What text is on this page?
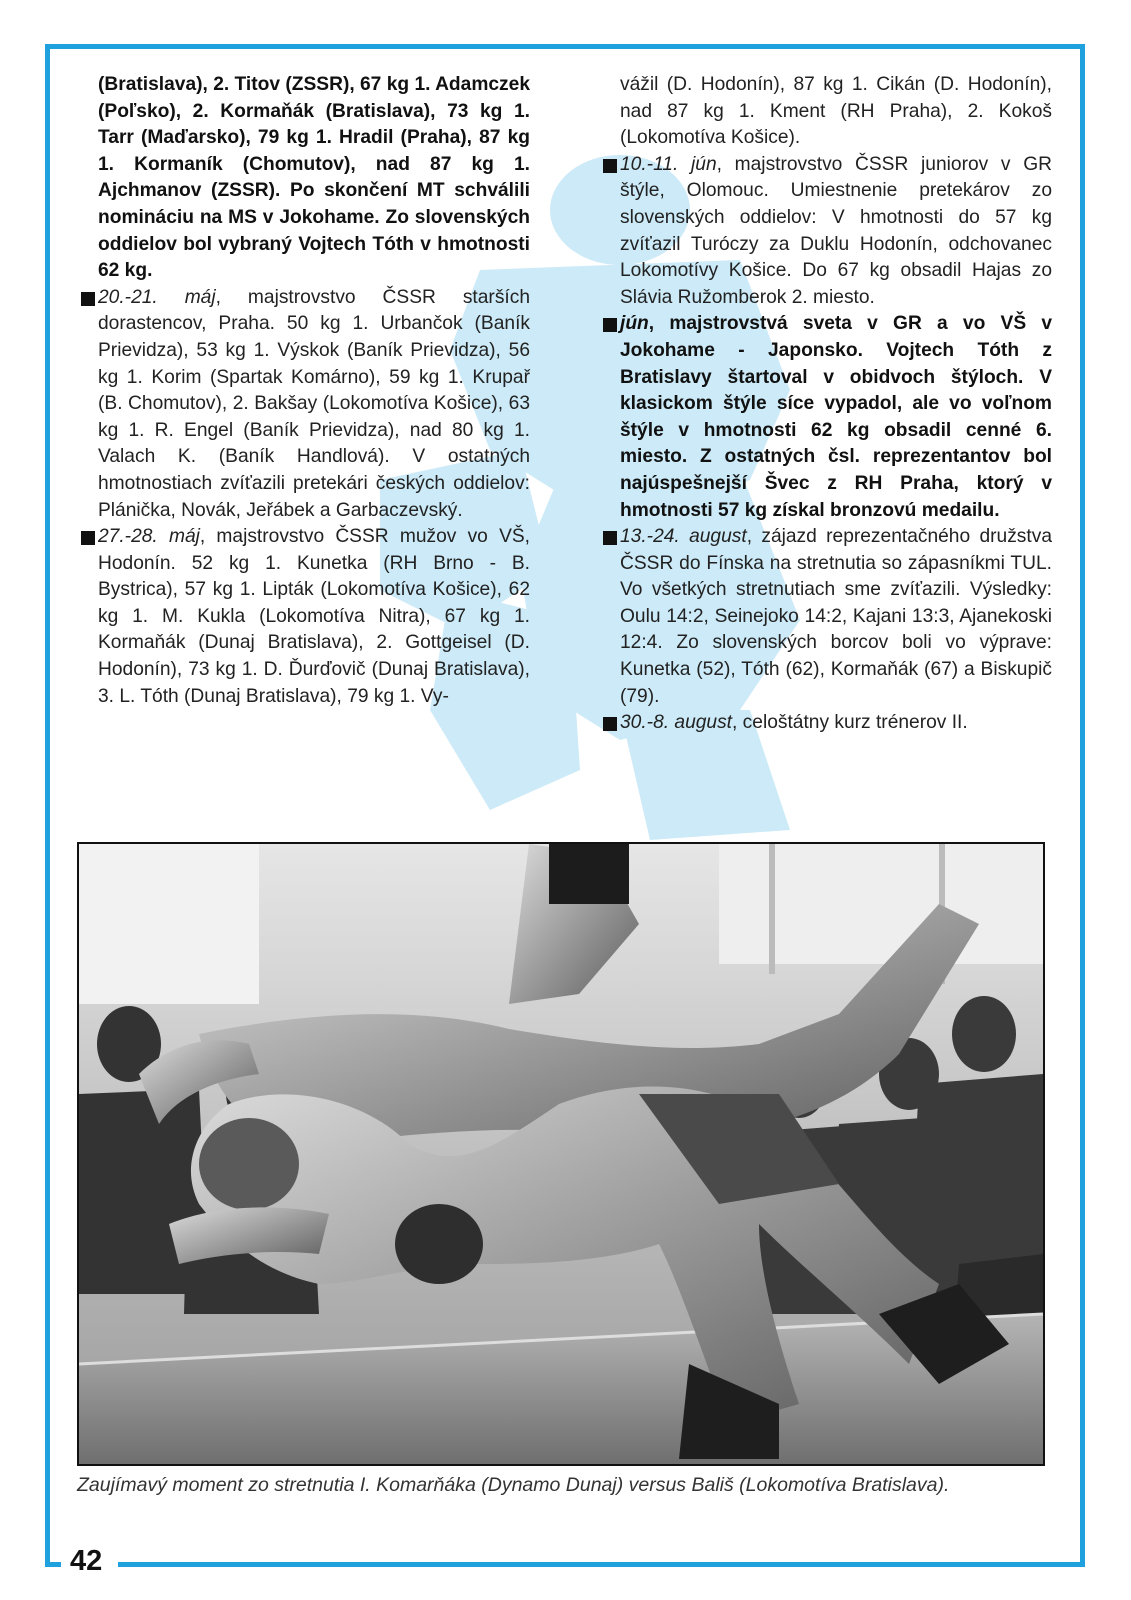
42
(Bratislava), 2. Titov (ZSSR), 67 kg 1. Adamczek (Poľsko), 2. Kormaňák (Bratislava), 73 kg 1. Tarr (Maďarsko), 79 kg 1. Hradil (Praha), 87 kg 1. Kormaník (Chomutov), nad 87 kg 1. Ajchmanov (ZSSR). Po skončení MT schválili nomináciu na MS v Jokohame. Zo slovenských oddielov bol vybraný Vojtech Tóth v hmotnosti 62 kg.
20.-21. máj, majstrovstvo ČSSR starších dorastencov, Praha. 50 kg 1. Urbančok (Baník Prievidza), 53 kg 1. Výskok (Baník Prievidza), 56 kg 1. Korim (Spartak Komárno), 59 kg 1. Krupař (B. Chomutov), 2. Bakšay (Lokomotíva Košice), 63 kg 1. R. Engel (Baník Prievidza), nad 80 kg 1. Valach K. (Baník Handlová). V ostatných hmotnostiach zvíťazili pretekári českých oddielov: Plánička, Novák, Jeřábek a Garbaczevský.
27.-28. máj, majstrovstvo ČSSR mužov vo VŠ, Hodonín. 52 kg 1. Kunetka (RH Brno - B. Bystrica), 57 kg 1. Lipták (Lokomotíva Košice), 62 kg 1. M. Kukla (Lokomotíva Nitra), 67 kg 1. Kormaňák (Dunaj Bratislava), 2. Gottgeisel (D. Hodonín), 73 kg 1. D. Ďurďovič (Dunaj Bratislava), 3. L. Tóth (Dunaj Bratislava), 79 kg 1. Vy-
vážil (D. Hodonín), 87 kg 1. Cikán (D. Hodonín), nad 87 kg 1. Kment (RH Praha), 2. Kokoš (Lokomotíva Košice).
10.-11. jún, majstrovstvo ČSSR juniorov v GR štýle, Olomouc. Umiestnenie pretekárov zo slovenských oddielov: V hmotnosti do 57 kg zvíťazil Turóczy za Duklu Hodonín, odchovanec Lokomotívy Košice. Do 67 kg obsadil Hajas zo Slávia Ružomberok 2. miesto.
jún, majstrovstvá sveta v GR a vo VŠ v Jokohame - Japonsko. Vojtech Tóth z Bratislavy štartoval v obidvoch štýloch. V klasickom štýle síce vypadol, ale vo voľnom štýle v hmotnosti 62 kg obsadil cenné 6. miesto. Z ostatných čsl. reprezentantov bol najúspešnejší Švec z RH Praha, ktorý v hmotnosti 57 kg získal bronzovú medailu.
13.-24. august, zájazd reprezentačného družstva ČSSR do Fínska na stretnutia so zápasníkmi TUL. Vo všetkých stretnutiach sme zvíťazili. Výsledky: Oulu 14:2, Seinejoko 14:2, Kajani 13:3, Ajanekoski 12:4. Zo slovenských borcov boli vo výprave: Kunetka (52), Tóth (62), Kormaňák (67) a Biskupič (79).
30.-8. august, celoštátny kurz trénerov II.
Zaujímavý moment zo stretnutia I. Komarňáka (Dynamo Dunaj) versus Bališ (Lokomotíva Bratislava).
